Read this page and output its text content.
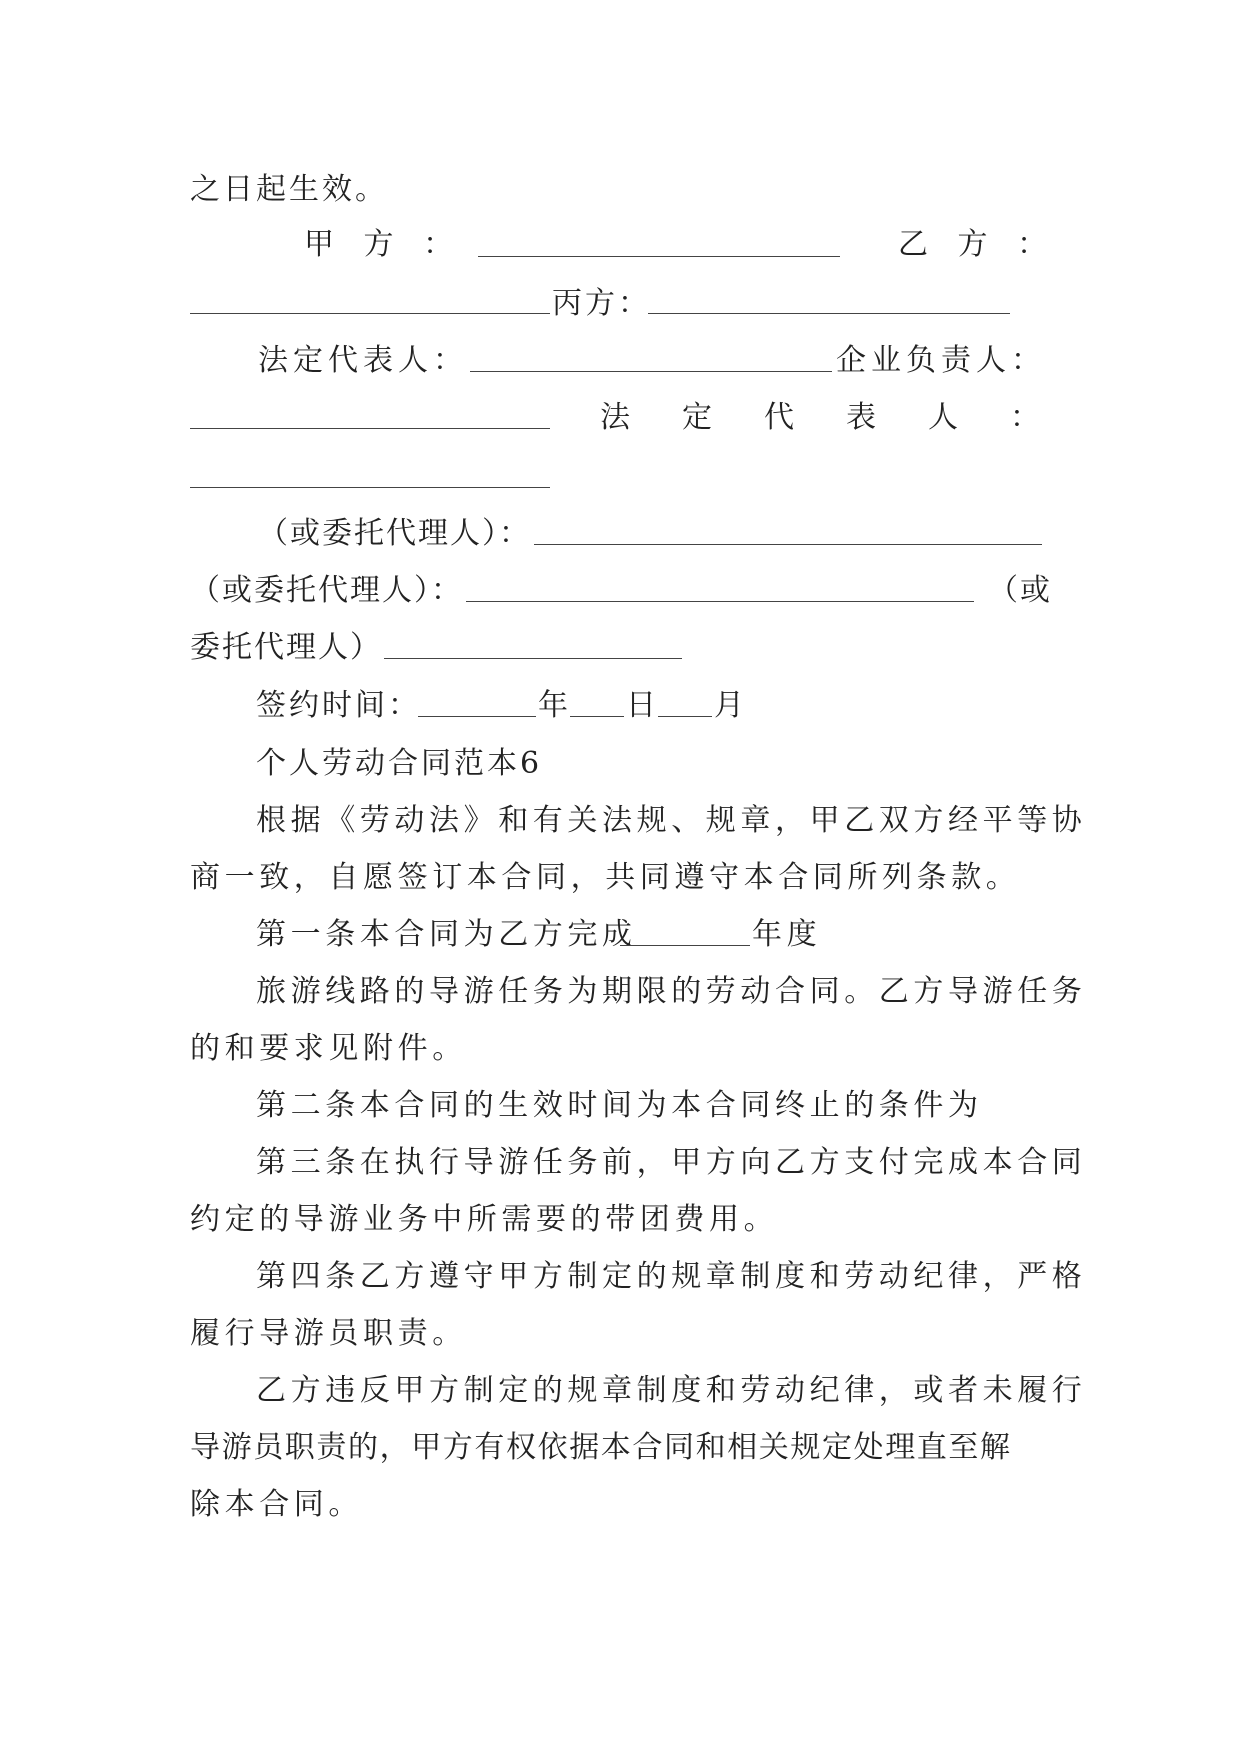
之日起生效。
甲 方 ：	乙 方 ：
丙方：
法定代表人：	企业负责人：
法 定 代 表 人 ：
（或委托代理人）：
（或委托代理人）：	（或
委托代理人）
签约时间：	年 日 月
个人劳动合同范本6
根据《劳动法》和有关法规、规章，甲乙双方经平等协
商一致，自愿签订本合同，共同遵守本合同所列条款。
第一条本合同为乙方完成	年度
旅游线路的导游任务为期限的劳动合同。乙方导游任务
的和要求见附件。
第二条本合同的生效时间为本合同终止的条件为
第三条在执行导游任务前，甲方向乙方支付完成本合同
约定的导游业务中所需要的带团费用。
第四条乙方遵守甲方制定的规章制度和劳动纪律，严格
履行导游员职责。
乙方违反甲方制定的规章制度和劳动纪律，或者未履行
导游员职责的，甲方有权依据本合同和相关规定处理直至解
除本合同。
